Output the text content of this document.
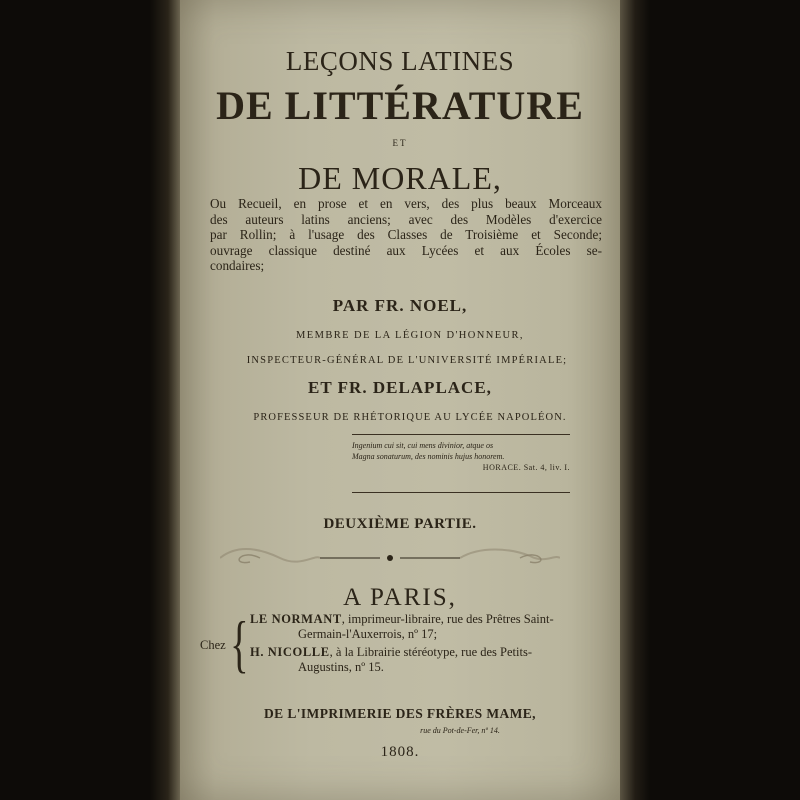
LEÇONS LATINES
DE LITTÉRATURE
ET
DE MORALE,
Ou Recueil, en prose et en vers, des plus beaux Morceaux
des auteurs latins anciens; avec des Modèles d'exercice
par Rollin; à l'usage des Classes de Troisième et Seconde;
ouvrage classique destiné aux Lycées et aux Écoles se-
condaires;
PAR FR. NOEL,
MEMBRE DE LA LÉGION D'HONNEUR,
INSPECTEUR-GÉNÉRAL DE L'UNIVERSITÉ IMPÉRIALE;
ET FR. DELAPLACE,
PROFESSEUR DE RHÉTORIQUE AU LYCÉE NAPOLÉON.
Ingenium cui sit, cui mens divinior, atque os
Magna sonaturum, des nominis hujus honorem.
HORACE. Sat. 4, liv. I.
DEUXIÈME PARTIE.
A PARIS,
Chez { LE NORMANT, imprimeur-libraire, rue des Prêtres Saint-
Germain-l'Auxerrois, nº 17;
H. NICOLLE, à la Librairie stéréotype, rue des Petits-
Augustins, nº 15.
DE L'IMPRIMERIE DES FRÈRES MAME,
rue du Pot-de-Fer, nº 14.
1808.
